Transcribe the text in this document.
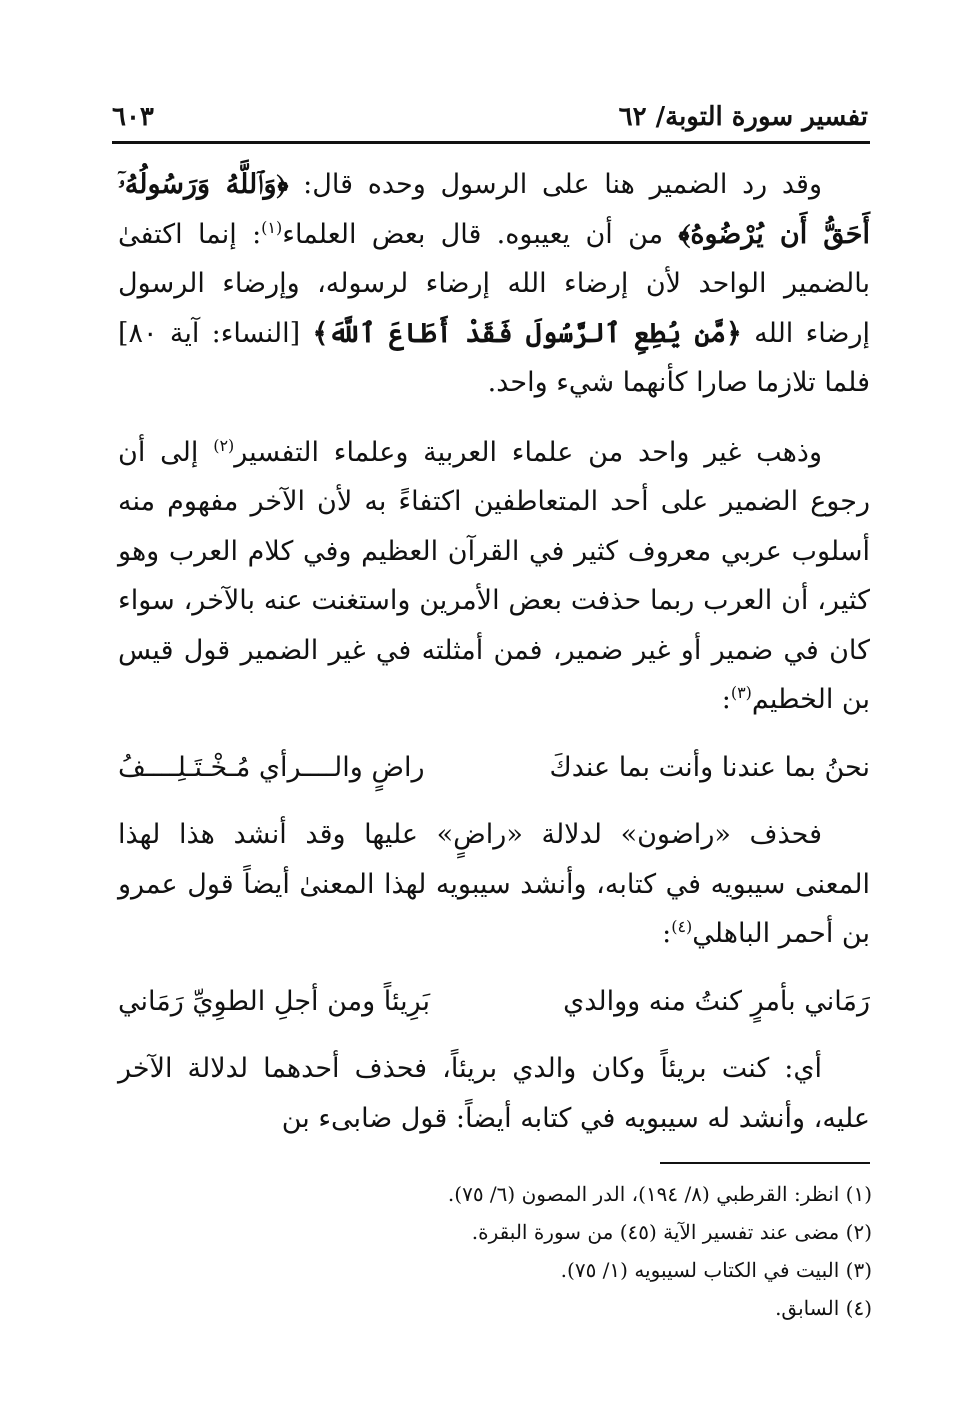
تفسير سورة التوبة/ ٦٢
٦٠٣

وقد رد الضمير هنا على الرسول وحده قال: ﴿وَٱللَّهُ وَرَسُولُهُۥٓ أَحَقُّ أَن يُرْضُوهُ﴾ من أن يعيبوه. قال بعض العلماء$^{(١)}$: إنما اكتفىٰ بالضمير الواحد لأن إرضاء الله إرضاء لرسوله، وإرضاء الرسول إرضاء الله ﴿مَّن يُطِعِ ٱلرَّسُولَ فَقَدْ أَطَاعَ ٱللَّهَ﴾ [النساء: آية ٨٠] فلما تلازما صارا كأنهما شيء واحد.

وذهب غير واحد من علماء العربية وعلماء التفسير$^{(٢)}$ إلى أن رجوع الضمير على أحد المتعاطفين اكتفاءً به لأن الآخر مفهوم منه أسلوب عربي معروف كثير في القرآن العظيم وفي كلام العرب وهو كثير، أن العرب ربما حذفت بعض الأمرين واستغنت عنه بالآخر، سواء كان في ضمير أو غير ضمير، فمن أمثلته في غير الضمير قول قيس بن الخطيم$^{(٣)}$:

نحنُ بما عندنا وأنت بما عندكَ
راضٍ والــــرأي مُـخْـتَـلِــــفُ

فحذف «راضون» لدلالة «راضٍ» عليها وقد أنشد هذا لهذا المعنى سيبويه في كتابه، وأنشد سيبويه لهذا المعنىٰ أيضاً قول عمرو بن أحمر الباهلي$^{(٤)}$:

رَمَاني بأمرٍ كنتُ منه ووالدي
بَرِيئاً ومن أجلِ الطوِيِّ رَمَاني

أي: كنت بريئاً وكان والدي بريئاً، فحذف أحدهما لدلالة الآخر عليه، وأنشد له سيبويه في كتابه أيضاً: قول ضابىء بن

(١) انظر: القرطبي (٨/ ١٩٤)، الدر المصون (٦/ ٧٥).
(٢) مضى عند تفسير الآية (٤٥) من سورة البقرة.
(٣) البيت في الكتاب لسيبويه (١/ ٧٥).
(٤) السابق.
